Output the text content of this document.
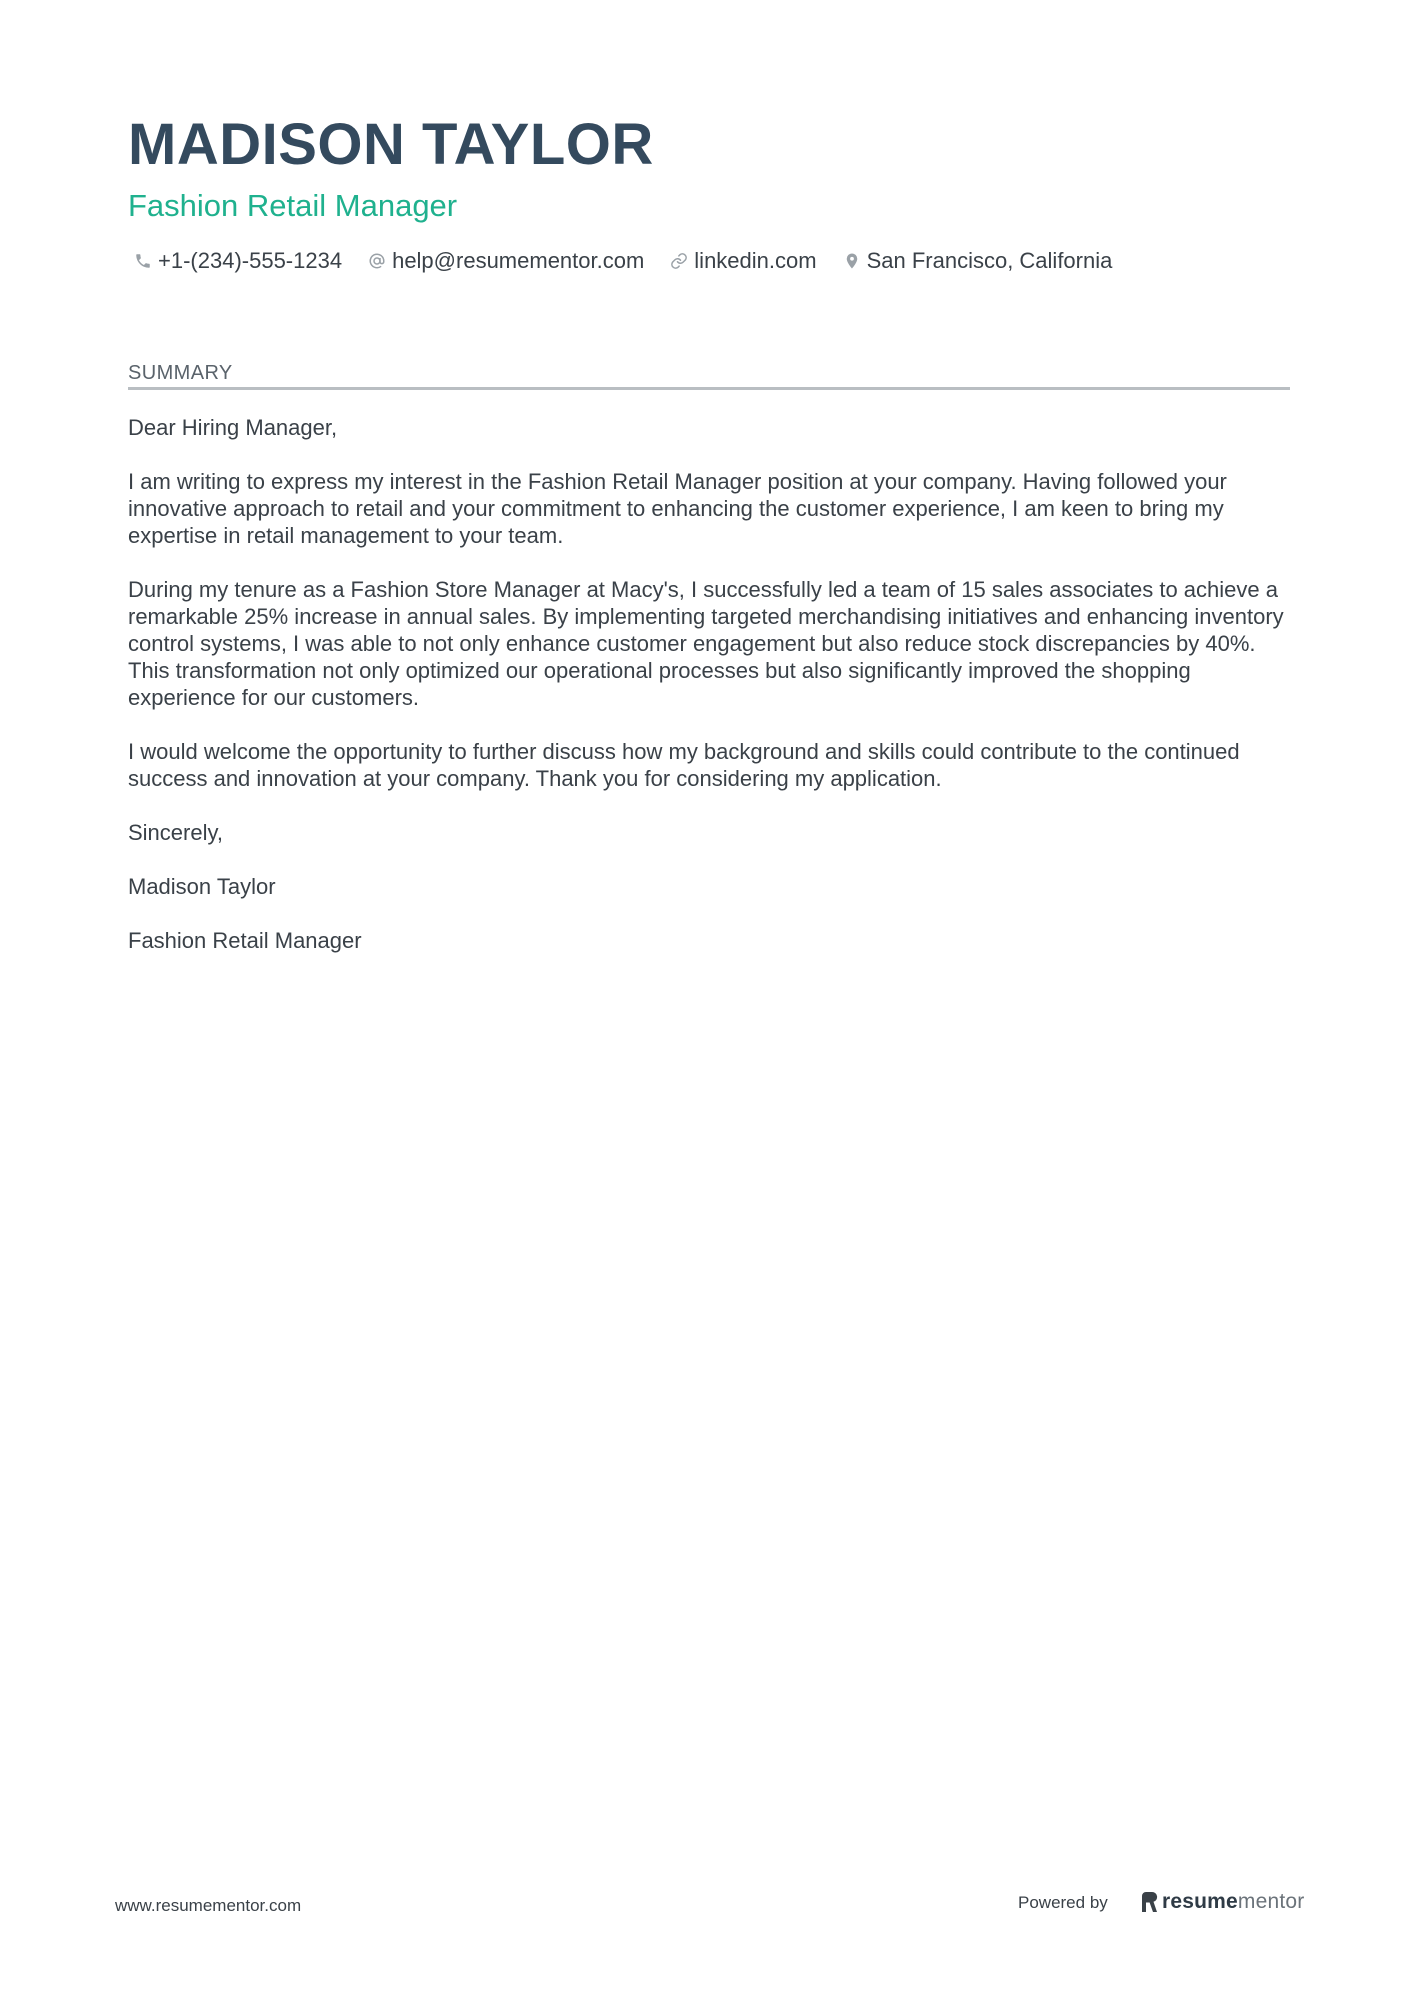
MADISON TAYLOR
Fashion Retail Manager
+1-(234)-555-1234 help@resumementor.com linkedin.com San Francisco, California
SUMMARY

Dear Hiring Manager,

I am writing to express my interest in the Fashion Retail Manager position at your company. Having followed your innovative approach to retail and your commitment to enhancing the customer experience, I am keen to bring my expertise in retail management to your team.

During my tenure as a Fashion Store Manager at Macy's, I successfully led a team of 15 sales associates to achieve a remarkable 25% increase in annual sales. By implementing targeted merchandising initiatives and enhancing inventory control systems, I was able to not only enhance customer engagement but also reduce stock discrepancies by 40%. This transformation not only optimized our operational processes but also significantly improved the shopping experience for our customers.

I would welcome the opportunity to further discuss how my background and skills could contribute to the continued success and innovation at your company. Thank you for considering my application.

Sincerely,

Madison Taylor

Fashion Retail Manager

www.resumementor.com	Powered by	resumementor
